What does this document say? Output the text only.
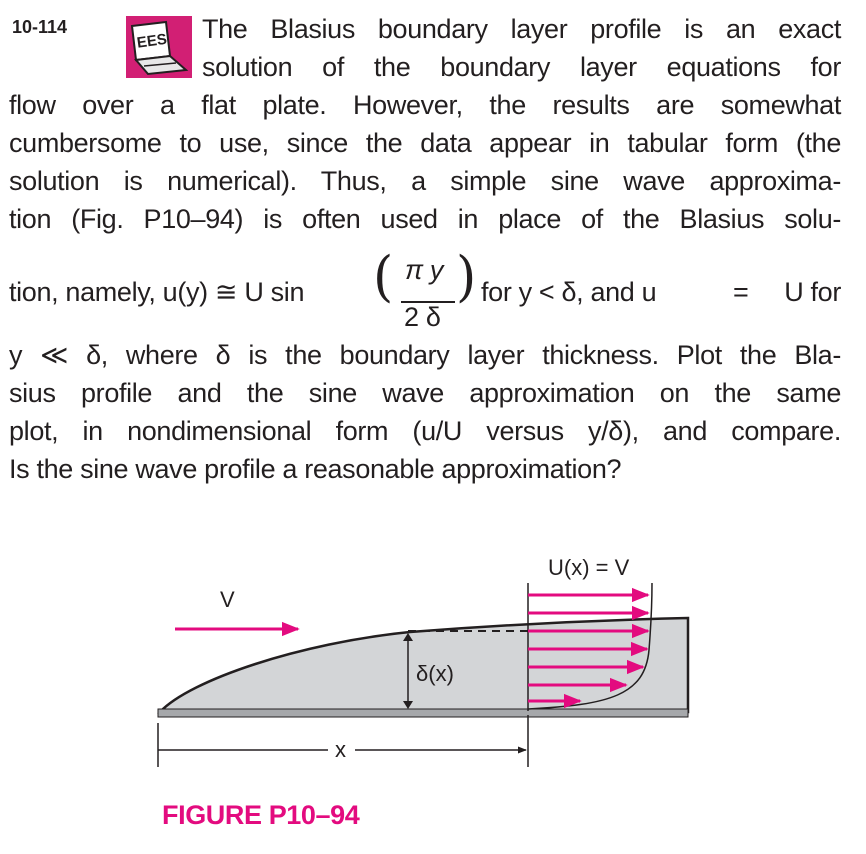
10-114
EES The Blasius boundary layer profile is an exact
solution of the boundary layer equations for
flow over a flat plate. However, the results are somewhat
cumbersome to use, since the data appear in tabular form (the
solution is numerical). Thus, a simple sine wave approxima-
tion (Fig. P10–94) is often used in place of the Blasius solu-
tion, namely, u(y) ≅ U sin ( π y
2 δ
) for y < δ, and u	= U for
y ≪ δ, where δ is the boundary layer thickness. Plot the Bla-
sius profile and the sine wave approximation on the same
plot, in nondimensional form (u/U versus y/δ), and compare.
Is the sine wave profile a reasonable approximation?
δ(x)
U(x) = V
V
x
FIGURE P10–94
